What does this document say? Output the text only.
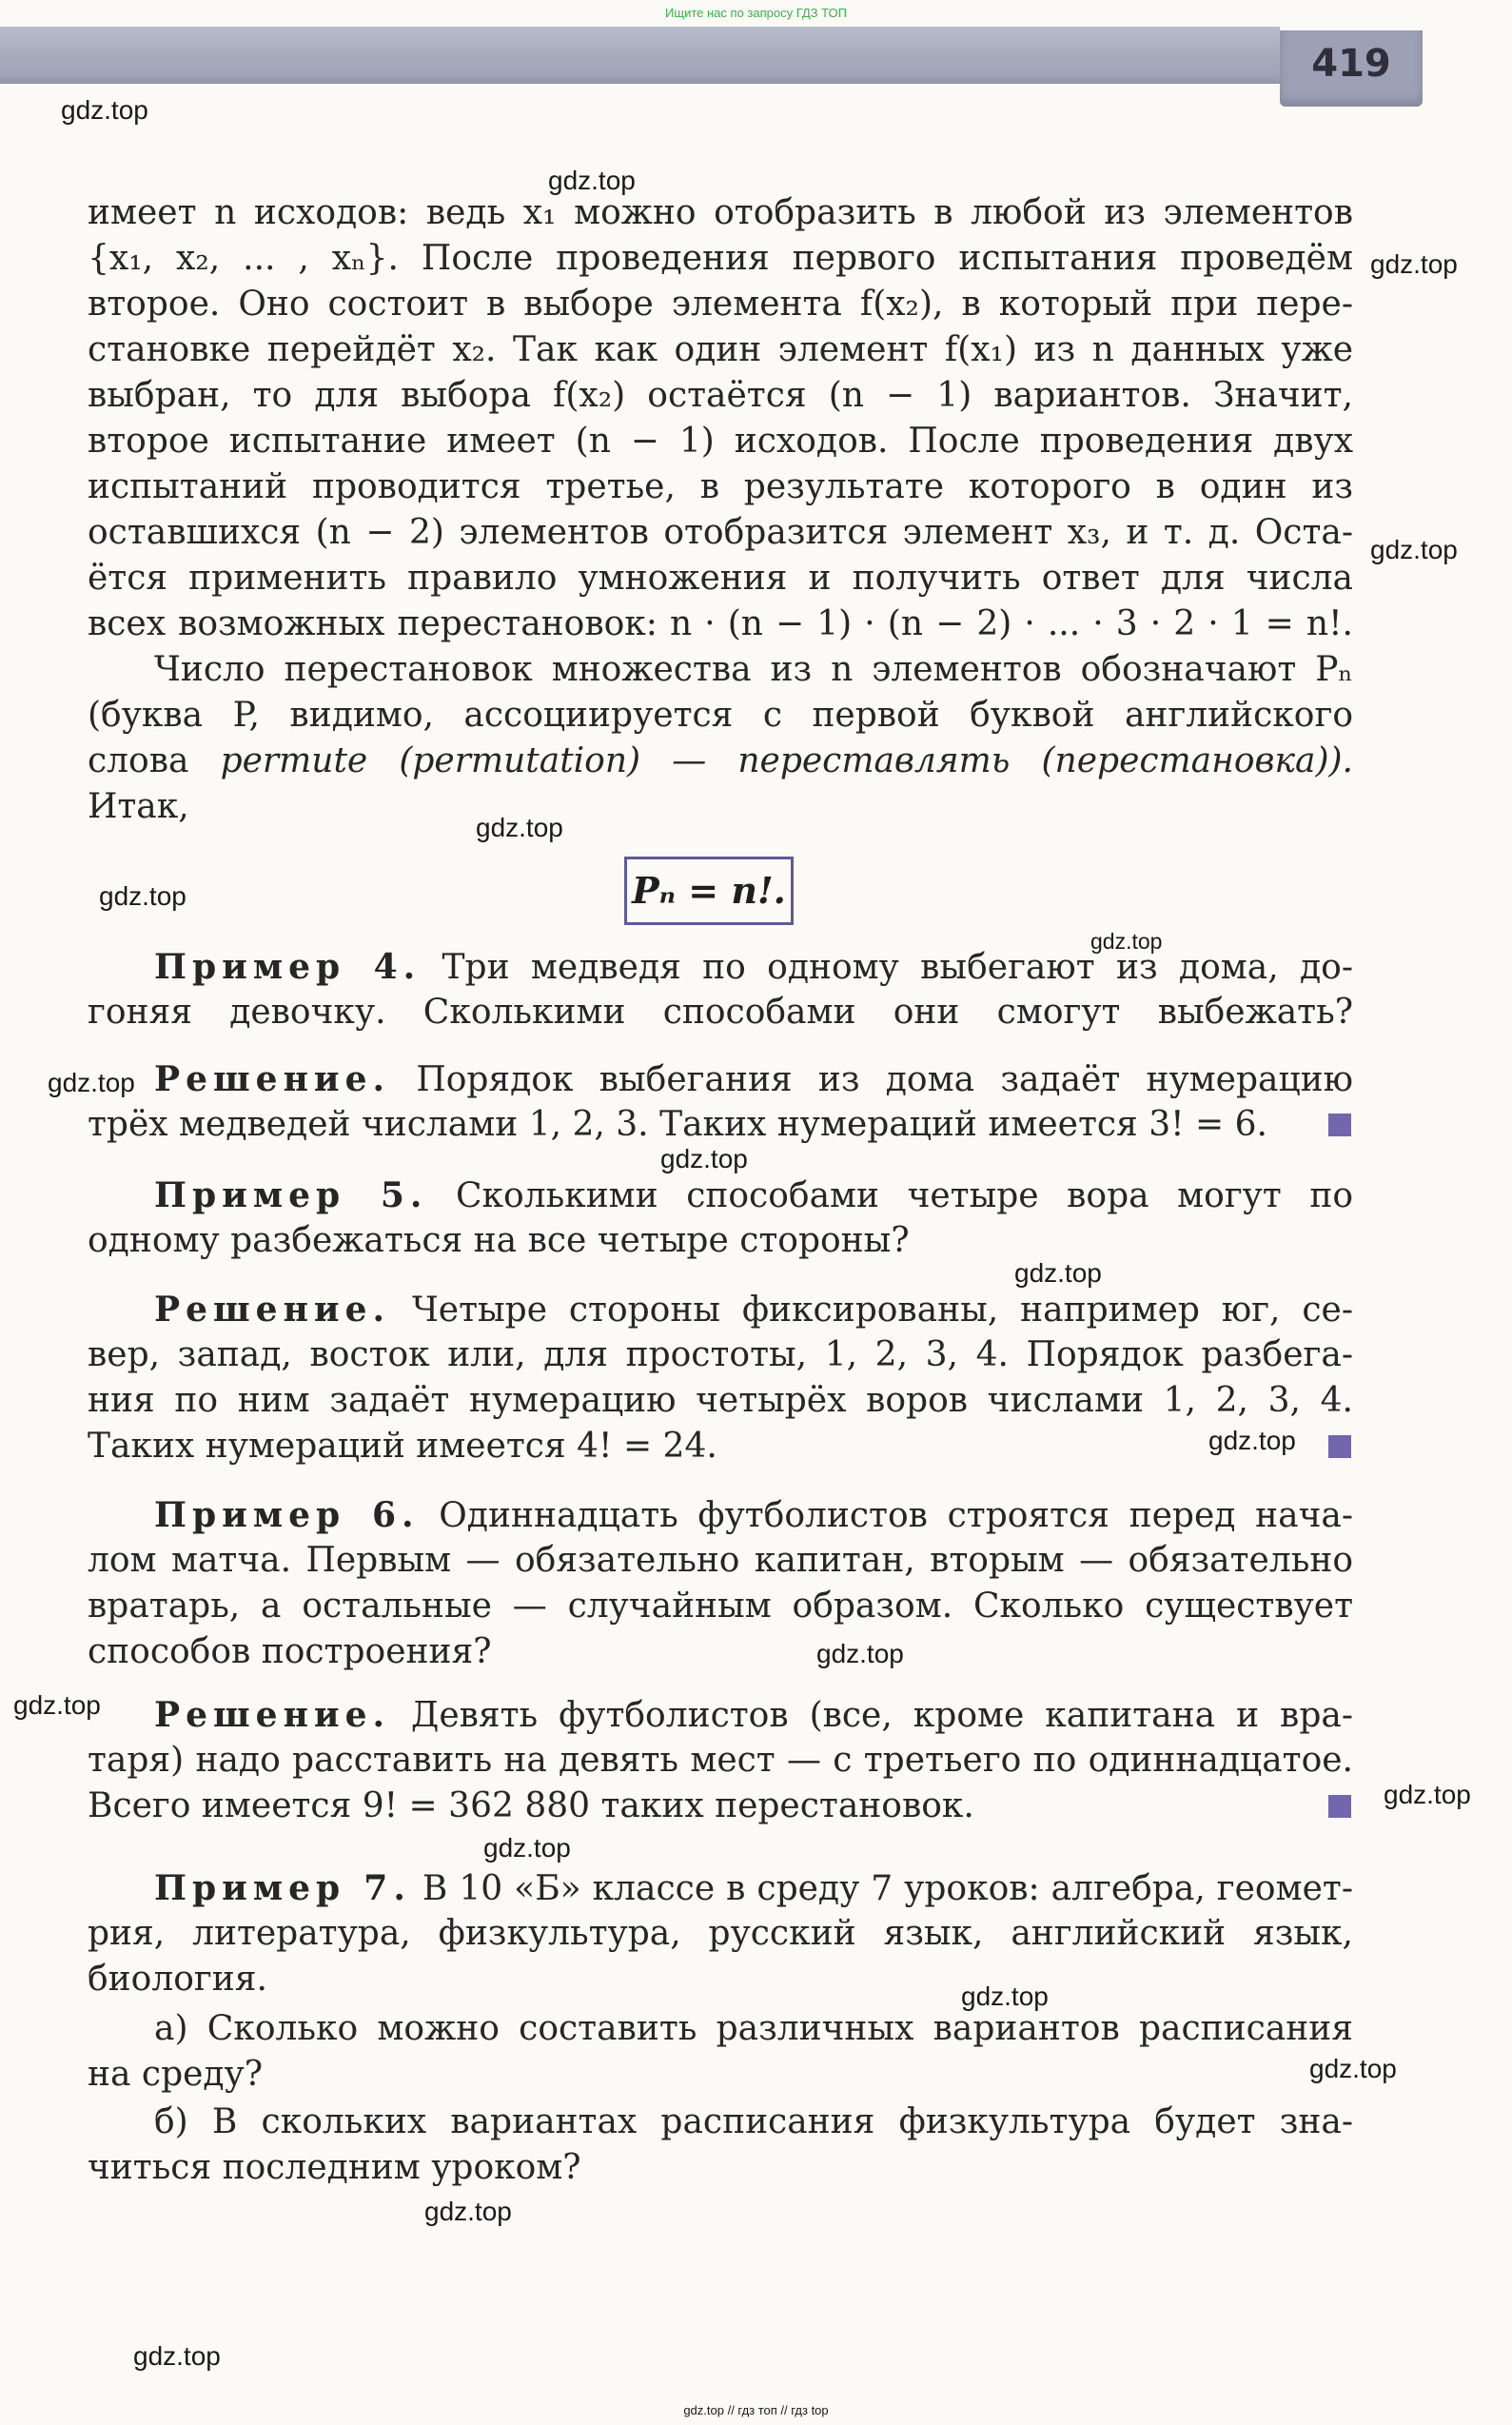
Ищите нас по запросу ГДЗ ТОП
419
gdz.top
gdz.top
gdz.top
gdz.top
gdz.top
gdz.top
gdz.top
gdz.top
gdz.top
gdz.top
gdz.top
gdz.top
gdz.top
gdz.top
gdz.top
gdz.top
gdz.top
gdz.top
gdz.top
имеет n исходов: ведь x₁ можно отобразить в любой из элементов
{x₁, x₂, ... , xₙ}. После проведения первого испытания проведём
второе. Оно состоит в выборе элемента f(x₂), в который при пере-
становке перейдёт x₂. Так как один элемент f(x₁) из n данных уже
выбран, то для выбора f(x₂) остаётся (n − 1) вариантов. Значит,
второе испытание имеет (n − 1) исходов. После проведения двух
испытаний проводится третье, в результате которого в один из
оставшихся (n − 2) элементов отобразится элемент x₃, и т. д. Оста-
ётся применить правило умножения и получить ответ для числа
всех возможных перестановок: n · (n − 1) · (n − 2) · ... · 3 · 2 · 1 = n!.
Число перестановок множества из n элементов обозначают Pₙ
(буква P, видимо, ассоциируется с первой буквой английского
слова permute (permutation) — переставлять (перестановка)).
Итак,
Pₙ = n!.
Пример 4. Три медведя по одному выбегают из дома, до-
гоняя девочку. Сколькими способами они смогут выбежать?
Решение. Порядок выбегания из дома задаёт нумерацию
трёх медведей числами 1, 2, 3. Таких нумераций имеется 3! = 6.
Пример 5. Сколькими способами четыре вора могут по
одному разбежаться на все четыре стороны?
Решение. Четыре стороны фиксированы, например юг, се-
вер, запад, восток или, для простоты, 1, 2, 3, 4. Порядок разбега-
ния по ним задаёт нумерацию четырёх воров числами 1, 2, 3, 4.
Таких нумераций имеется 4! = 24.
Пример 6. Одиннадцать футболистов строятся перед нача-
лом матча. Первым — обязательно капитан, вторым — обязательно
вратарь, а остальные — случайным образом. Сколько существует
способов построения?
Решение. Девять футболистов (все, кроме капитана и вра-
таря) надо расставить на девять мест — с третьего по одиннадцатое.
Всего имеется 9! = 362 880 таких перестановок.
Пример 7. В 10 «Б» классе в среду 7 уроков: алгебра, геомет-
рия, литература, физкультура, русский язык, английский язык,
биология.
а) Сколько можно составить различных вариантов расписания
на среду?
б) В скольких вариантах расписания физкультура будет зна-
читься последним уроком?
gdz.top // гдз топ // гдз top
